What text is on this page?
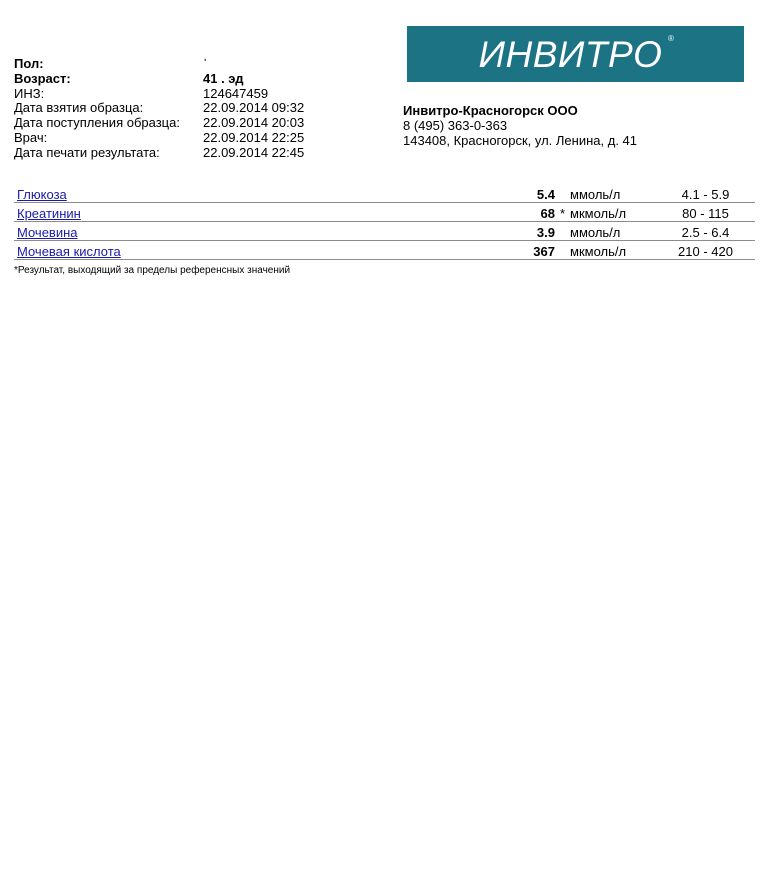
Пол:	ˈ
Возраст:	41 . эд
ИНЗ:	124647459
Дата взятия образца:	22.09.2014 09:32
Дата поступления образца:	22.09.2014 20:03
Врач:	22.09.2014 22:25
Дата печати результата:	22.09.2014 22:45
ИНВИТРО ®
Инвитро-Красногорск ООО
8 (495) 363-0-363
143408, Красногорск, ул. Ленина, д. 41
Глюкоза	5.4		ммоль/л	4.1 - 5.9
Креатинин	68	*	мкмоль/л	80 - 115
Мочевина	3.9		ммоль/л	2.5 - 6.4
Мочевая кислота	367		мкмоль/л	210 - 420
*Результат, выходящий за пределы референсных значений
